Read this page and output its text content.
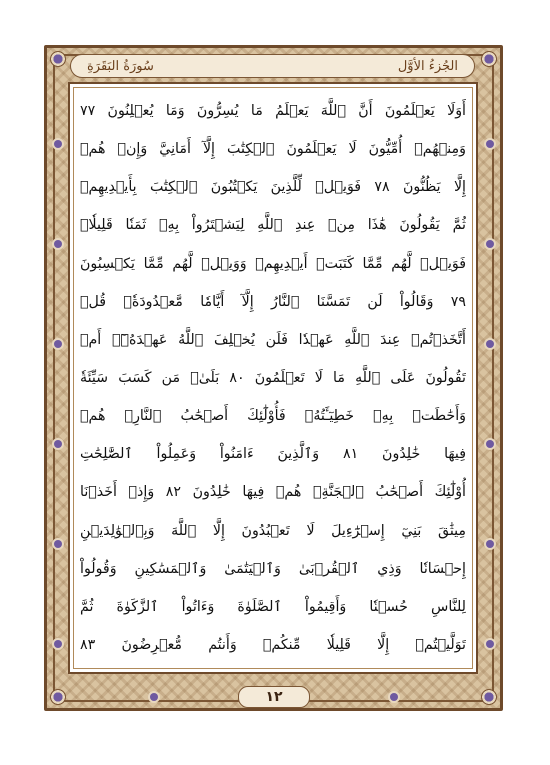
سُورَةُ البَقَرَةِ	الجُزءُ الأوَّل
أَوَلَا يَعۡلَمُونَ أَنَّ ٱللَّهَ يَعۡلَمُ مَا يُسِرُّونَ وَمَا يُعۡلِنُونَ ٧٧
وَمِنۡهُمۡ أُمِّيُّونَ لَا يَعۡلَمُونَ ٱلۡكِتَٰبَ إِلَّآ أَمَانِيَّ وَإِنۡ هُمۡ
إِلَّا يَظُنُّونَ ٧٨ فَوَيۡلٞ لِّلَّذِينَ يَكۡتُبُونَ ٱلۡكِتَٰبَ بِأَيۡدِيهِمۡ
ثُمَّ يَقُولُونَ هَٰذَا مِنۡ عِندِ ٱللَّهِ لِيَشۡتَرُواْ بِهِۦ ثَمَنٗا قَلِيلٗاۖ
فَوَيۡلٞ لَّهُم مِّمَّا كَتَبَتۡ أَيۡدِيهِمۡ وَوَيۡلٞ لَّهُم مِّمَّا يَكۡسِبُونَ
٧٩ وَقَالُواْ لَن تَمَسَّنَا ٱلنَّارُ إِلَّآ أَيَّامٗا مَّعۡدُودَةٗۚ قُلۡ
أَتَّخَذۡتُمۡ عِندَ ٱللَّهِ عَهۡدٗا فَلَن يُخۡلِفَ ٱللَّهُ عَهۡدَهُۥٓۖ أَمۡ
تَقُولُونَ عَلَى ٱللَّهِ مَا لَا تَعۡلَمُونَ ٨٠ بَلَىٰۚ مَن كَسَبَ سَيِّئَةٗ
وَأَحَٰطَتۡ بِهِۦ خَطِيٓـَٔتُهُۥ فَأُوْلَٰٓئِكَ أَصۡحَٰبُ ٱلنَّارِۖ هُمۡ
فِيهَا خَٰلِدُونَ ٨١ وَٱلَّذِينَ ءَامَنُواْ وَعَمِلُواْ ٱلصَّٰلِحَٰتِ
أُوْلَٰٓئِكَ أَصۡحَٰبُ ٱلۡجَنَّةِۖ هُمۡ فِيهَا خَٰلِدُونَ ٨٢ وَإِذۡ أَخَذۡنَا
مِيثَٰقَ بَنِيٓ إِسۡرَٰٓءِيلَ لَا تَعۡبُدُونَ إِلَّا ٱللَّهَ وَبِٱلۡوَٰلِدَيۡنِ
إِحۡسَانٗا وَذِي ٱلۡقُرۡبَىٰ وَٱلۡيَتَٰمَىٰ وَٱلۡمَسَٰكِينِ وَقُولُواْ
لِلنَّاسِ حُسۡنٗا وَأَقِيمُواْ ٱلصَّلَوٰةَ وَءَاتُواْ ٱلزَّكَوٰةَ ثُمَّ
تَوَلَّيۡتُمۡ إِلَّا قَلِيلٗا مِّنكُمۡ وَأَنتُم مُّعۡرِضُونَ ٨٣
١٢
